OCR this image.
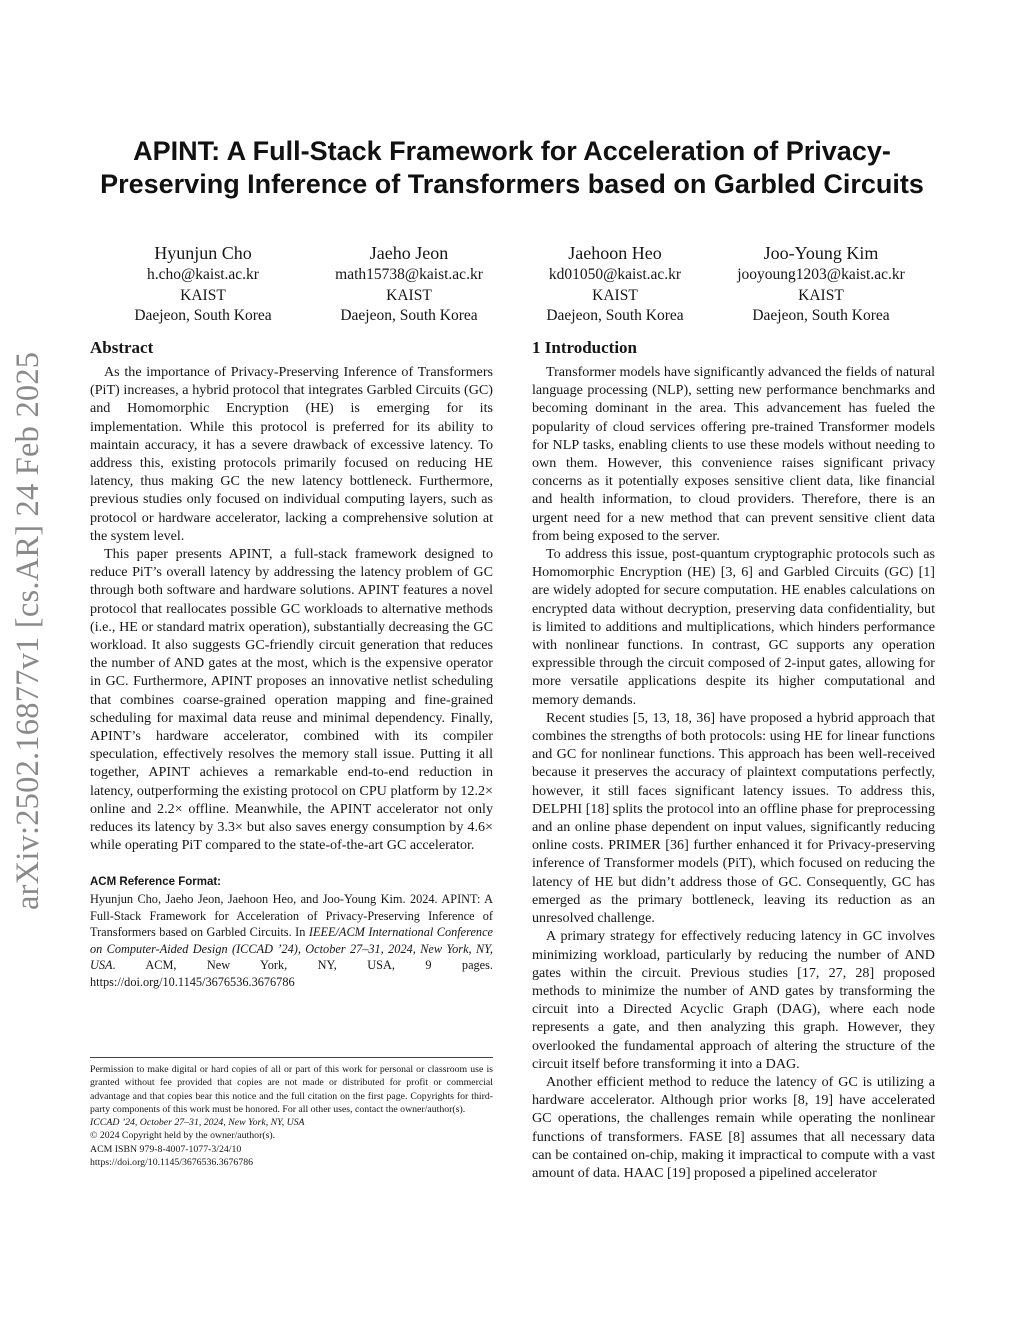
arXiv:2502.16877v1 [cs.AR] 24 Feb 2025
APINT: A Full-Stack Framework for Acceleration of Privacy-Preserving Inference of Transformers based on Garbled Circuits
Hyunjun Cho
h.cho@kaist.ac.kr
KAIST
Daejeon, South Korea
Jaeho Jeon
math15738@kaist.ac.kr
KAIST
Daejeon, South Korea
Jaehoon Heo
kd01050@kaist.ac.kr
KAIST
Daejeon, South Korea
Joo-Young Kim
jooyoung1203@kaist.ac.kr
KAIST
Daejeon, South Korea
Abstract

As the importance of Privacy-Preserving Inference of Transformers (PiT) increases, a hybrid protocol that integrates Garbled Circuits (GC) and Homomorphic Encryption (HE) is emerging for its implementation. While this protocol is preferred for its ability to maintain accuracy, it has a severe drawback of excessive latency. To address this, existing protocols primarily focused on reducing HE latency, thus making GC the new latency bottleneck. Furthermore, previous studies only focused on individual computing layers, such as protocol or hardware accelerator, lacking a comprehensive solution at the system level.

This paper presents APINT, a full-stack framework designed to reduce PiT’s overall latency by addressing the latency problem of GC through both software and hardware solutions. APINT features a novel protocol that reallocates possible GC workloads to alternative methods (i.e., HE or standard matrix operation), substantially decreasing the GC workload. It also suggests GC-friendly circuit generation that reduces the number of AND gates at the most, which is the expensive operator in GC. Furthermore, APINT proposes an innovative netlist scheduling that combines coarse-grained operation mapping and fine-grained scheduling for maximal data reuse and minimal dependency. Finally, APINT’s hardware accelerator, combined with its compiler speculation, effectively resolves the memory stall issue. Putting it all together, APINT achieves a remarkable end-to-end reduction in latency, outperforming the existing protocol on CPU platform by 12.2× online and 2.2× offline. Meanwhile, the APINT accelerator not only reduces its latency by 3.3× but also saves energy consumption by 4.6× while operating PiT compared to the state-of-the-art GC accelerator.

ACM Reference Format:

Hyunjun Cho, Jaeho Jeon, Jaehoon Heo, and Joo-Young Kim. 2024. APINT: A Full-Stack Framework for Acceleration of Privacy-Preserving Inference of Transformers based on Garbled Circuits. In IEEE/ACM International Conference on Computer-Aided Design (ICCAD ’24), October 27–31, 2024, New York, NY, USA. ACM, New York, NY, USA, 9 pages. https://doi.org/10.1145/3676536.3676786

Permission to make digital or hard copies of all or part of this work for personal or classroom use is granted without fee provided that copies are not made or distributed for profit or commercial advantage and that copies bear this notice and the full citation on the first page. Copyrights for third-party components of this work must be honored. For all other uses, contact the owner/author(s).
ICCAD ’24, October 27–31, 2024, New York, NY, USA
© 2024 Copyright held by the owner/author(s).
ACM ISBN 979-8-4007-1077-3/24/10
https://doi.org/10.1145/3676536.3676786
1 Introduction

Transformer models have significantly advanced the fields of natural language processing (NLP), setting new performance benchmarks and becoming dominant in the area. This advancement has fueled the popularity of cloud services offering pre-trained Transformer models for NLP tasks, enabling clients to use these models without needing to own them. However, this convenience raises significant privacy concerns as it potentially exposes sensitive client data, like financial and health information, to cloud providers. Therefore, there is an urgent need for a new method that can prevent sensitive client data from being exposed to the server.

To address this issue, post-quantum cryptographic protocols such as Homomorphic Encryption (HE) [3, 6] and Garbled Circuits (GC) [1] are widely adopted for secure computation. HE enables calculations on encrypted data without decryption, preserving data confidentiality, but is limited to additions and multiplications, which hinders performance with nonlinear functions. In contrast, GC supports any operation expressible through the circuit composed of 2-input gates, allowing for more versatile applications despite its higher computational and memory demands.

Recent studies [5, 13, 18, 36] have proposed a hybrid approach that combines the strengths of both protocols: using HE for linear functions and GC for nonlinear functions. This approach has been well-received because it preserves the accuracy of plaintext computations perfectly, however, it still faces significant latency issues. To address this, DELPHI [18] splits the protocol into an offline phase for preprocessing and an online phase dependent on input values, significantly reducing online costs. PRIMER [36] further enhanced it for Privacy-preserving inference of Transformer models (PiT), which focused on reducing the latency of HE but didn’t address those of GC. Consequently, GC has emerged as the primary bottleneck, leaving its reduction as an unresolved challenge.

A primary strategy for effectively reducing latency in GC involves minimizing workload, particularly by reducing the number of AND gates within the circuit. Previous studies [17, 27, 28] proposed methods to minimize the number of AND gates by transforming the circuit into a Directed Acyclic Graph (DAG), where each node represents a gate, and then analyzing this graph. However, they overlooked the fundamental approach of altering the structure of the circuit itself before transforming it into a DAG.

Another efficient method to reduce the latency of GC is utilizing a hardware accelerator. Although prior works [8, 19] have accelerated GC operations, the challenges remain while operating the nonlinear functions of transformers. FASE [8] assumes that all necessary data can be contained on-chip, making it impractical to compute with a vast amount of data. HAAC [19] proposed a pipelined accelerator
